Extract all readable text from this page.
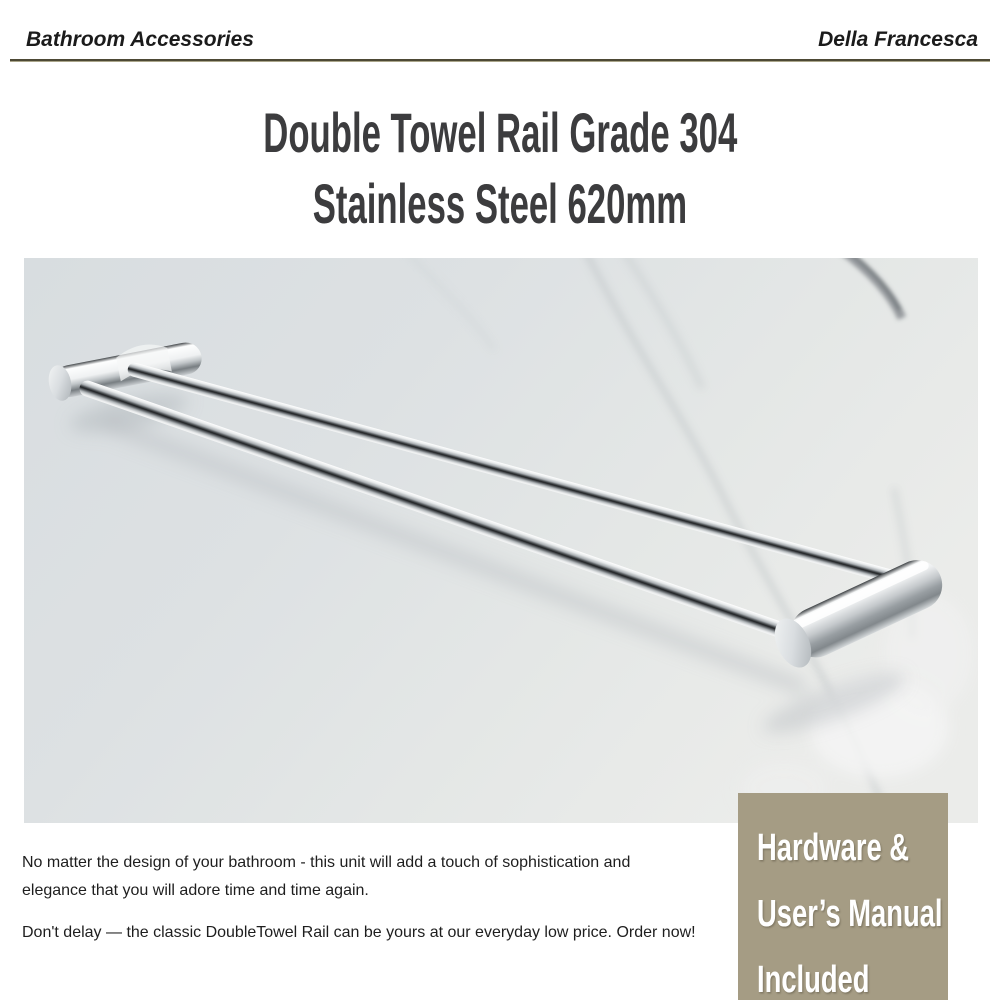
Bathroom Accessories	Della Francesca
Double Towel Rail Grade 304
Stainless Steel 620mm

No matter the design of your bathroom - this unit will add a touch of sophistication and elegance that you will adore time and time again.

Don't delay — the classic DoubleTowel Rail can be yours at our everyday low price. Order now!

Hardware &
User’s Manual
Included
